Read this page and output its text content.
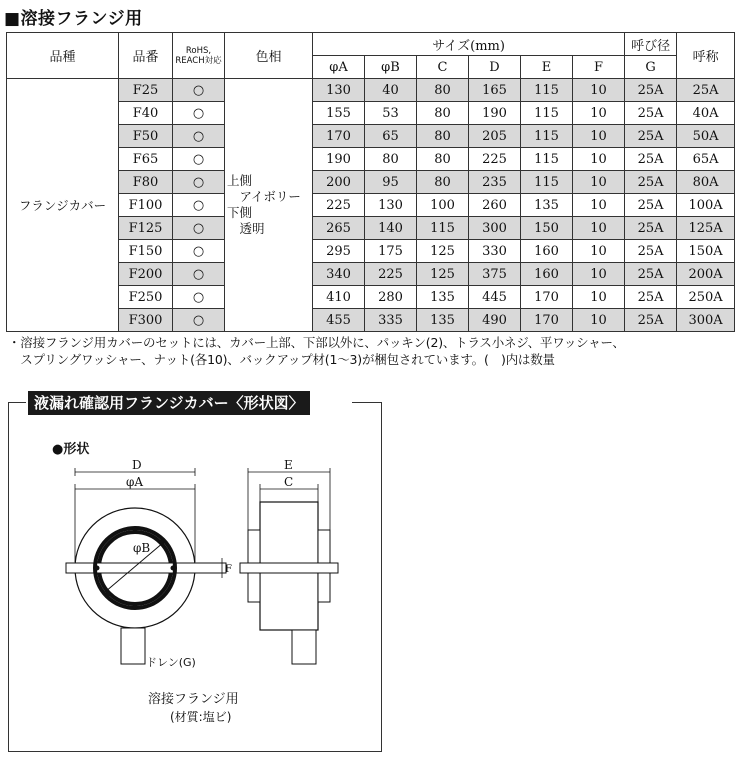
■溶接フランジ用
品種	品番	RoHS,
REACH対応	色相	サイズ(mm)						呼び径	呼称
				φA	φB	C	D	E	F	G	
フランジカバー	F25	○	上側
　アイボリー
下側
　透明	130	40	80	165	115	10	25A	25A
	F40	○		155	53	80	190	115	10	25A	40A
	F50	○		170	65	80	205	115	10	25A	50A
	F65	○		190	80	80	225	115	10	25A	65A
	F80	○		200	95	80	235	115	10	25A	80A
	F100	○		225	130	100	260	135	10	25A	100A
	F125	○		265	140	115	300	150	10	25A	125A
	F150	○		295	175	125	330	160	10	25A	150A
	F200	○		340	225	125	375	160	10	25A	200A
	F250	○		410	280	135	445	170	10	25A	250A
	F300	○		455	335	135	490	170	10	25A	300A
・溶接フランジ用カバーのセットには、カバー上部、下部以外に、パッキン(2)、トラス小ネジ、平ワッシャー、
　スプリングワッシャー、ナット(各10)、バックアップ材(1～3)が梱包されています。(　)内は数量
液漏れ確認用フランジカバー〈形状図〉
●形状
φB
D
φA
F
E
C
ドレン(G)
溶接フランジ用
(材質:塩ビ)
